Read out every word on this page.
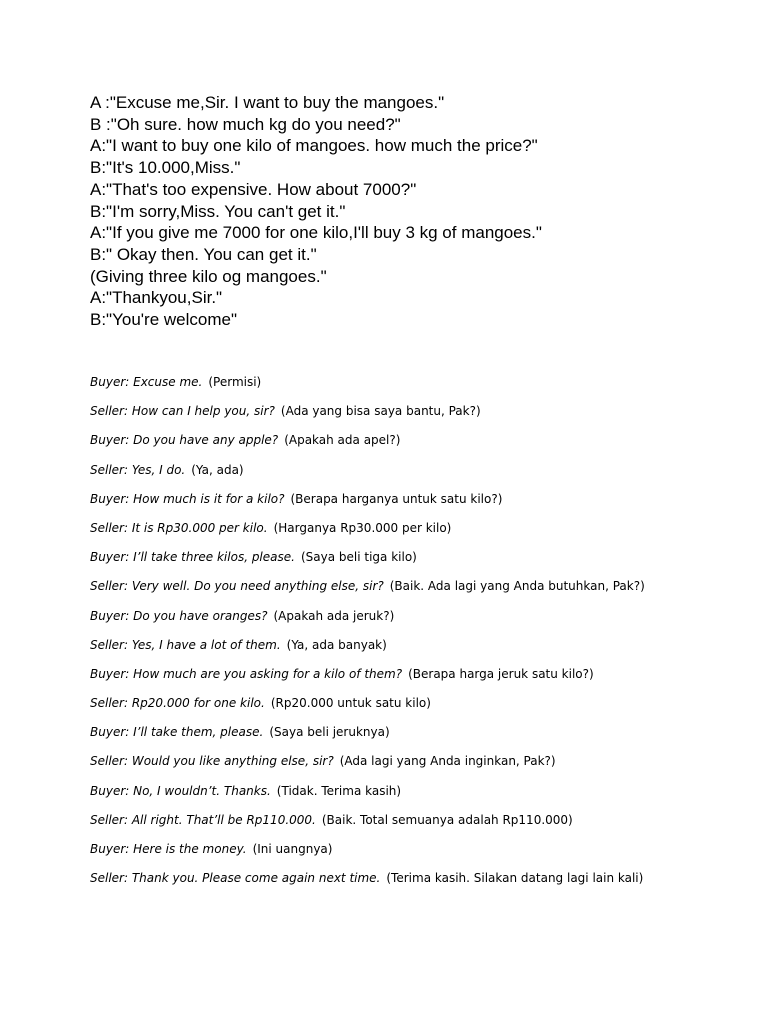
A :"Excuse me,Sir. I want to buy the mangoes."
B :"Oh sure. how much kg do you need?"
A:"I want to buy one kilo of mangoes. how much the price?"
B:"It's 10.000,Miss."
A:"That's too expensive. How about 7000?"
B:"I'm sorry,Miss. You can't get it."
A:"If you give me 7000 for one kilo,I'll buy 3 kg of mangoes."
B:" Okay then. You can get it."
(Giving three kilo og mangoes."
A:"Thankyou,Sir."
B:"You're welcome"
Buyer: Excuse me. (Permisi)
Seller: How can I help you, sir? (Ada yang bisa saya bantu, Pak?)
Buyer: Do you have any apple? (Apakah ada apel?)
Seller: Yes, I do. (Ya, ada)
Buyer: How much is it for a kilo? (Berapa harganya untuk satu kilo?)
Seller: It is Rp30.000 per kilo. (Harganya Rp30.000 per kilo)
Buyer: I’ll take three kilos, please. (Saya beli tiga kilo)
Seller: Very well. Do you need anything else, sir? (Baik. Ada lagi yang Anda butuhkan, Pak?)
Buyer: Do you have oranges? (Apakah ada jeruk?)
Seller: Yes, I have a lot of them. (Ya, ada banyak)
Buyer: How much are you asking for a kilo of them? (Berapa harga jeruk satu kilo?)
Seller: Rp20.000 for one kilo. (Rp20.000 untuk satu kilo)
Buyer: I’ll take them, please. (Saya beli jeruknya)
Seller: Would you like anything else, sir? (Ada lagi yang Anda inginkan, Pak?)
Buyer: No, I wouldn’t. Thanks. (Tidak. Terima kasih)
Seller: All right. That’ll be Rp110.000. (Baik. Total semuanya adalah Rp110.000)
Buyer: Here is the money. (Ini uangnya)
Seller: Thank you. Please come again next time. (Terima kasih. Silakan datang lagi lain kali)
